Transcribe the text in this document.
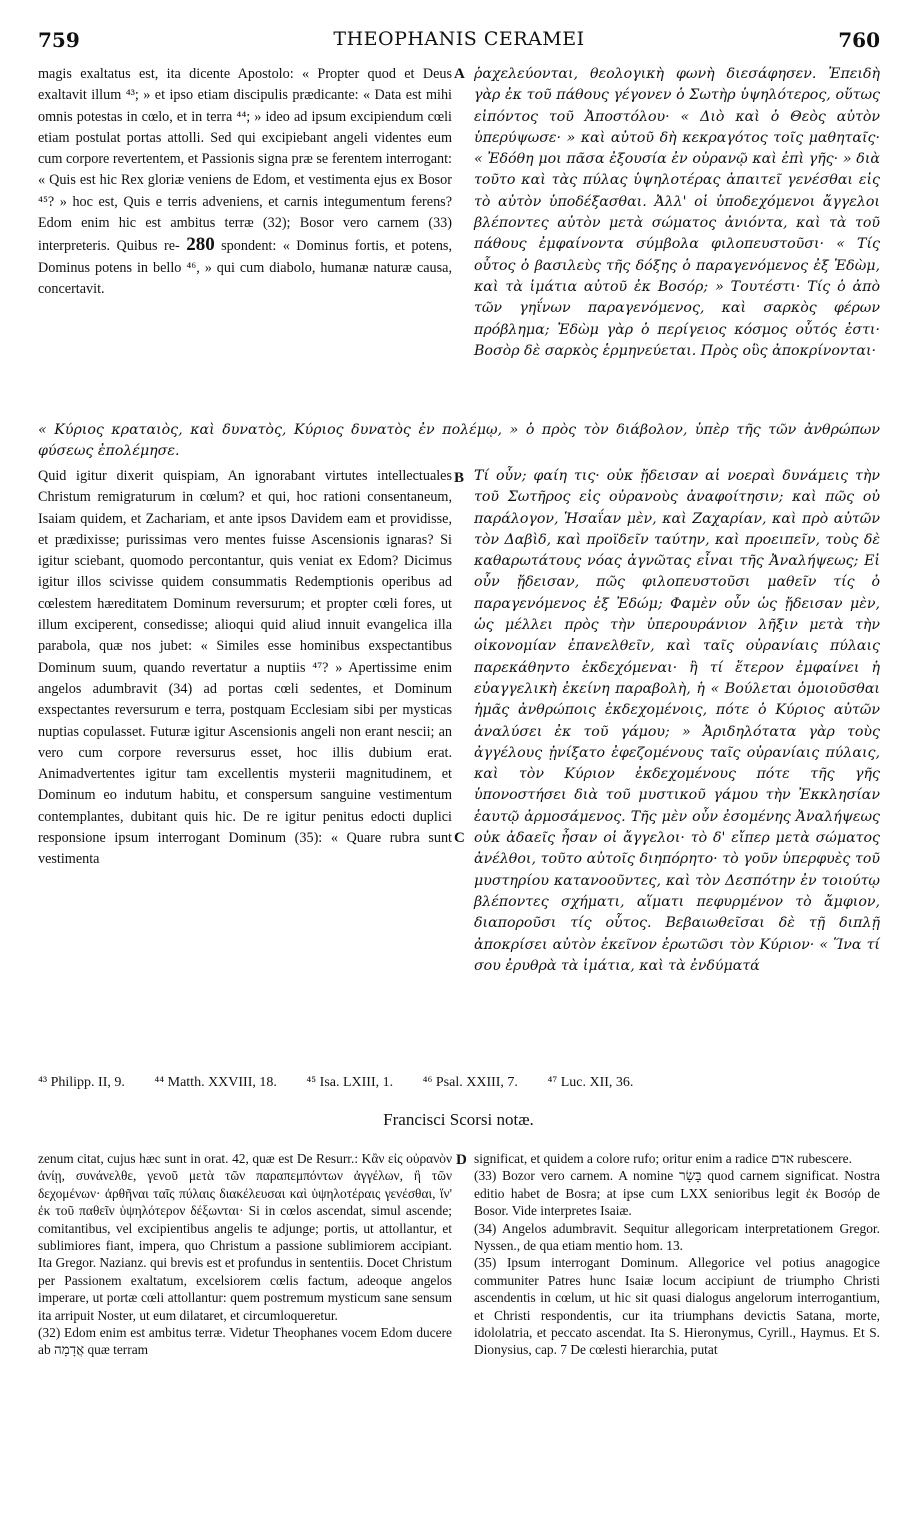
759	THEOPHANIS CERAMEI	760

magis exaltatus est, ita dicente Apostolo: « Propter quod et Deus exaltavit illum ⁴³; » et ipso etiam discipulis prædicante: « Data est mihi omnis potestas in cœlo, et in terra ⁴⁴; » ideo ad ipsum excipiendum cœli etiam postulat portas attolli. Sed qui excipiebant angeli videntes eum cum corpore revertentem, et Passionis signa præ se ferentem interrogant: « Quis est hic Rex gloriæ veniens de Edom, et vestimenta ejus ex Bosor ⁴⁵? » hoc est, Quis e terris adveniens, et carnis integumentum ferens? Edom enim hic est ambitus terræ (32); Bosor vero carnem (33) interpreteris. Quibus re- 280 spondent: « Dominus fortis, et potens, Dominus potens in bello ⁴⁶, » qui cum diabolo, humanæ naturæ causa, concertavit.

A ῥαχελεύονται, θεολογικὴ φωνὴ διεσάφησεν. Ἐπειδὴ γὰρ ἐκ τοῦ πάθους γέγονεν ὁ Σωτὴρ ὑψηλότερος, οὕτως εἰπόντος τοῦ Ἀποστόλου· « Διὸ καὶ ὁ Θεὸς αὐτὸν ὑπερύψωσε· » καὶ αὐτοῦ δὴ κεκραγότος τοῖς μαθηταῖς· « Ἐδόθη μοι πᾶσα ἐξουσία ἐν οὐρανῷ καὶ ἐπὶ γῆς· » διὰ τοῦτο καὶ τὰς πύλας ὑψηλοτέρας ἀπαιτεῖ γενέσθαι εἰς τὸ αὐτὸν ὑποδέξασθαι. Ἀλλ' οἱ ὑποδεχόμενοι ἄγγελοι βλέποντες αὐτὸν μετὰ σώματος ἀνιόντα, καὶ τὰ τοῦ πάθους ἐμφαίνοντα σύμβολα φιλοπευστοῦσι· « Τίς οὗτος ὁ βασιλεὺς τῆς δόξης ὁ παραγενόμενος ἐξ Ἐδὼμ, καὶ τὰ ἱμάτια αὐτοῦ ἐκ Βοσόρ; » Τουτέστι· Τίς ὁ ἀπὸ τῶν γηΐνων παραγενόμενος, καὶ σαρκὸς φέρων πρόβλημα; Ἐδὼμ γὰρ ὁ περίγειος κόσμος οὗτός ἐστι· Βοσὸρ δὲ σαρκὸς ἑρμηνεύεται. Πρὸς οὓς ἀποκρίνονται·

« Κύριος κραταιὸς, καὶ δυνατὸς, Κύριος δυνατὸς ἐν πολέμῳ, » ὁ πρὸς τὸν διάβολον, ὑπὲρ τῆς τῶν ἀνθρώπων φύσεως ἐπολέμησε.

Quid igitur dixerit quispiam, An ignorabant virtutes intellectuales Christum remigraturum in cœlum? et qui, hoc rationi consentaneum, Isaiam quidem, et Zachariam, et ante ipsos Davidem eam et providisse, et prædixisse; purissimas vero mentes fuisse Ascensionis ignaras? Si igitur sciebant, quomodo percontantur, quis veniat ex Edom? Dicimus igitur illos scivisse quidem consummatis Redemptionis operibus ad cœlestem hæreditatem Dominum reversurum; et propter cœli fores, ut illum exciperent, consedisse; alioqui quid aliud innuit evangelica illa parabola, quæ nos jubet: « Similes esse hominibus exspectantibus Dominum suum, quando revertatur a nuptiis ⁴⁷? » Apertissime enim angelos adumbravit (34) ad portas cœli sedentes, et Dominum exspectantes reversurum e terra, postquam Ecclesiam sibi per mysticas nuptias copulasset. Futuræ igitur Ascensionis angeli non erant nescii; an vero cum corpore reversurus esset, hoc illis dubium erat. Animadvertentes igitur tam excellentis mysterii magnitudinem, et Dominum eo indutum habitu, et conspersum sanguine vestimentum contemplantes, dubitant quis hic. De re igitur penitus edocti duplici responsione ipsum interrogant Dominum (35): « Quare rubra sunt vestimenta

B
C

Τί οὖν; φαίη τις· οὐκ ᾔδεισαν αἱ νοεραὶ δυνάμεις τὴν τοῦ Σωτῆρος εἰς οὐρανοὺς ἀναφοίτησιν; καὶ πῶς οὐ παράλογον, Ἡσαΐαν μὲν, καὶ Ζαχαρίαν, καὶ πρὸ αὐτῶν τὸν Δαβὶδ, καὶ προϊδεῖν ταύτην, καὶ προειπεῖν, τοὺς δὲ καθαρωτάτους νόας ἀγνῶτας εἶναι τῆς Ἀναλήψεως; Εἰ οὖν ᾔδεισαν, πῶς φιλοπευστοῦσι μαθεῖν τίς ὁ παραγενόμενος ἐξ Ἐδώμ; Φαμὲν οὖν ὡς ᾔδεισαν μὲν, ὡς μέλλει πρὸς τὴν ὑπερουράνιον λῆξιν μετὰ τὴν οἰκονομίαν ἐπανελθεῖν, καὶ ταῖς οὐρανίαις πύλαις παρεκάθηντο ἐκδεχόμεναι· ἢ τί ἕτερον ἐμφαίνει ἡ εὐαγγελικὴ ἐκείνη παραβολὴ, ἡ « Βούλεται ὁμοιοῦσθαι ἡμᾶς ἀνθρώποις ἐκδεχομένοις, πότε ὁ Κύριος αὐτῶν ἀναλύσει ἐκ τοῦ γάμου; » Ἀριδηλότατα γὰρ τοὺς ἀγγέλους ᾐνίξατο ἐφεζομένους ταῖς οὐρανίαις πύλαις, καὶ τὸν Κύριον ἐκδεχομένους πότε τῆς γῆς ὑπονοστήσει διὰ τοῦ μυστικοῦ γάμου τὴν Ἐκκλησίαν ἑαυτῷ ἁρμοσάμενος. Τῆς μὲν οὖν ἐσομένης Ἀναλήψεως οὐκ ἀδαεῖς ἦσαν οἱ ἄγγελοι· τὸ δ' εἴπερ μετὰ σώματος ἀνέλθοι, τοῦτο αὐτοῖς διηπόρητο· τὸ γοῦν ὑπερφυὲς τοῦ μυστηρίου κατανοοῦντες, καὶ τὸν Δεσπότην ἐν τοιούτῳ βλέποντες σχήματι, αἵματι πεφυρμένον τὸ ἄμφιον, διαποροῦσι τίς οὗτος. Βεβαιωθεῖσαι δὲ τῇ διπλῇ ἀποκρίσει αὐτὸν ἐκεῖνον ἐρωτῶσι τὸν Κύριον· « Ἵνα τί σου ἐρυθρὰ τὰ ἱμάτια, καὶ τὰ ἐνδύματά

⁴³ Philipp. II, 9. ⁴⁴ Matth. XXVIII, 18. ⁴⁵ Isa. LXIII, 1. ⁴⁶ Psal. XXIII, 7. ⁴⁷ Luc. XII, 36.
Francisci Scorsi notæ.

zenum citat, cujus hæc sunt in orat. 42, quæ est De Resurr.: Κἂν εἰς οὐρανὸν ἀνίῃ, συνάνελθε, γενοῦ μετὰ τῶν παραπεμπόντων ἀγγέλων, ἢ τῶν δεχομένων· ἀρθῆναι ταῖς πύλαις διακέλευσαι καὶ ὑψηλοτέραις γενέσθαι, ἵν' ἐκ τοῦ παθεῖν ὑψηλότερον δέξωνται· Si in cœlos ascendat, simul ascende; comitantibus, vel excipientibus angelis te adjunge; portis, ut attollantur, et sublimiores fiant, impera, quo Christum a passione sublimiorem accipiant. Ita Gregor. Nazianz. qui brevis est et profundus in sententiis. Docet Christum per Passionem exaltatum, excelsiorem cœlis factum, adeoque angelos imperare, ut portæ cœli attollantur: quem postremum mysticum sane sensum ita arripuit Noster, ut eum dilataret, et circumloqueretur.

(32) Edom enim est ambitus terræ. Videtur Theophanes vocem Edom ducere ab אֲדָמָה quæ terram

D significat, et quidem a colore rufo; oritur enim a radice אדם rubescere.

(33) Bozor vero carnem. A nomine בָּשָׂר quod carnem significat. Nostra editio habet de Bosra; at ipse cum LXX senioribus legit ἐκ Βοσόρ de Bosor. Vide interpretes Isaiæ.

(34) Angelos adumbravit. Sequitur allegoricam interpretationem Gregor. Nyssen., de qua etiam mentio hom. 13.

(35) Ipsum interrogant Dominum. Allegorice vel potius anagogice communiter Patres hunc Isaiæ locum accipiunt de triumpho Christi ascendentis in cœlum, ut hic sit quasi dialogus angelorum interrogantium, et Christi respondentis, cur ita triumphans devictis Satana, morte, idololatria, et peccato ascendat. Ita S. Hieronymus, Cyrill., Haymus. Et S. Dionysius, cap. 7 De cœlesti hierarchia, putat
